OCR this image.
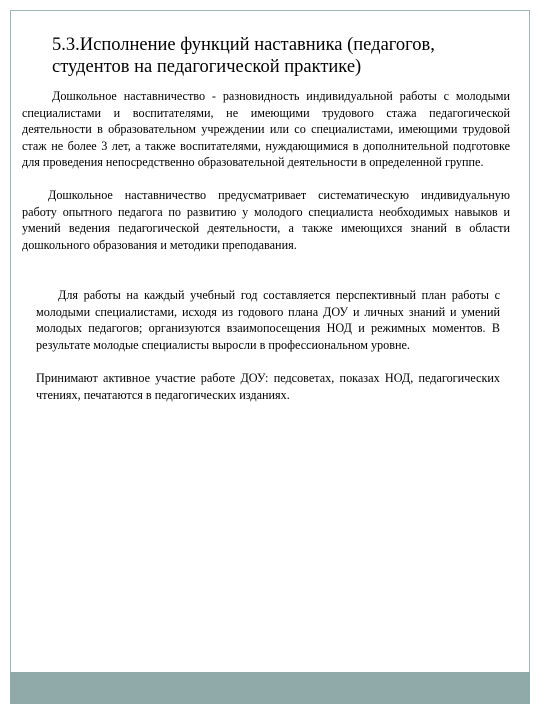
5.3.Исполнение функций наставника (педагогов, студентов на педагогической практике)

Дошкольное наставничество - разновидность индивидуальной работы с молодыми специалистами и воспитателями, не имеющими трудового стажа педагогической деятельности в образовательном учреждении или со специалистами, имеющими трудовой стаж не более 3 лет, а также воспитателями, нуждающимися в дополнительной подготовке для проведения непосредственно образовательной деятельности в определенной группе.

Дошкольное наставничество предусматривает систематическую индивидуальную работу опытного педагога по развитию у молодого специалиста необходимых навыков и умений ведения педагогической деятельности, а также имеющихся знаний в области дошкольного образования и методики преподавания.

Для работы на каждый учебный год составляется перспективный план работы с молодыми специалистами, исходя из годового плана ДОУ и личных знаний и умений молодых педагогов; организуются взаимопосещения НОД и режимных моментов. В результате молодые специалисты выросли в профессиональном уровне.

Принимают активное участие работе ДОУ: педсоветах, показах НОД, педагогических чтениях, печатаются в педагогических изданиях.
